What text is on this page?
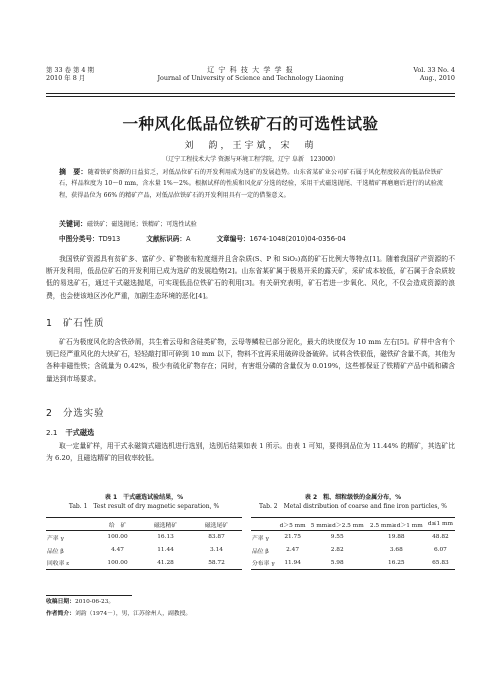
第 33 卷 第 4 期
2010 年 8 月
辽 宁 科 技 大 学 学 报
Journal of University of Science and Technology Liaoning
Vol. 33 No. 4
Aug., 2010
一种风化低品位铁矿石的可选性试验
刘　韵，王宇斌，宋　萌
（辽宁工程技术大学 资源与环境工程学院，辽宁 阜新　123000）
摘　要：随着铁矿资源的日益贫乏，对低品位矿石的开发利用成为选矿的发展趋势。山东省某矿业公司矿石属于风化程度较高的低品位铁矿石，样品粒度为 10～0 mm，含水量 1%～2%。根据试样的性质和风化矿分选的经验，采用干式磁选抛尾、干选精矿再磨磨后进行的试验流程，获得品位为 66% 的精矿产品，对低品位铁矿石的开发利用具有一定的借鉴意义。
关键词：磁铁矿；磁选抛尾；铁精矿；可选性试验
中图分类号：TD913	文献标识码：A	文章编号：1674-1048(2010)04-0356-04
我国铁矿资源具有贫矿多、富矿少、矿物嵌布粒度细并且含杂质(S、P 和 SiO₂)高的矿石比例大等特点[1]。随着我国矿产资源的不断开发利用，低品位矿石的开发利用已成为选矿的发展趋势[2]。山东省某矿属于极易开采的露天矿，采矿成本较低，矿石属于含杂质较低的易选矿石，通过干式磁选抛尾，可实现低品位铁矿石的利用[3]。有关研究表明，矿石若进一步氧化、风化，不仅会造成资源的浪费，也会使该地区沙化严重，加剧生态环境的恶化[4]。
1 矿石性质
矿石为极度风化的含铁砂屑，共生着云母和含硅类矿物，云母等鳞粒已部分泥化，最大的块度仅为 10 mm 左右[5]。矿样中含有个别已经严重风化的大块矿石，轻轻敲打即可碎到 10 mm 以下，物料不宜再采用破碎设备破碎。试料含铁很低，磁铁矿含量不高，其他为各种非磁性铁；含硫量为 0.42%，极少有硫化矿物存在；同时，有害组分磷的含量仅为 0.019%，这些都保证了铁精矿产品中硫和磷含量达到市场要求。
2 分选实验
2.1 干式磁选
取一定量矿样，用干式永磁筒式磁选机进行选别，选别后结果如表 1 所示。由表 1 可知，要得到品位为 11.44% 的精矿，其选矿比为 6.20，且磁选精矿的回收率较低。
表 1　干式磁选试验结果，%
Tab. 1　Test result of dry magnetic separation, %
	给　矿	磁选精矿	磁选尾矿
产率 γ	100.00	16.13	83.87
品位 β	4.47	11.44	3.14
回收率 ε	100.00	41.28	58.72
表 2　粗、细粒级铁的金属分布，%
Tab. 2　Metal distribution of coarse and fine iron particles, %
	d＞5 mm	5 mm≥d＞2.5 mm	2.5 mm≥d＞1 mm	d≤1 mm
产率 γ	21.75	9.55	19.88	48.82
品位 β	2.47	2.82	3.68	6.07
分布率 γ	11.94	5.98	16.25	65.83
收稿日期：2010-06-23。
作者简介：刘韵（1974－），男，江苏徐州人，副教授。
